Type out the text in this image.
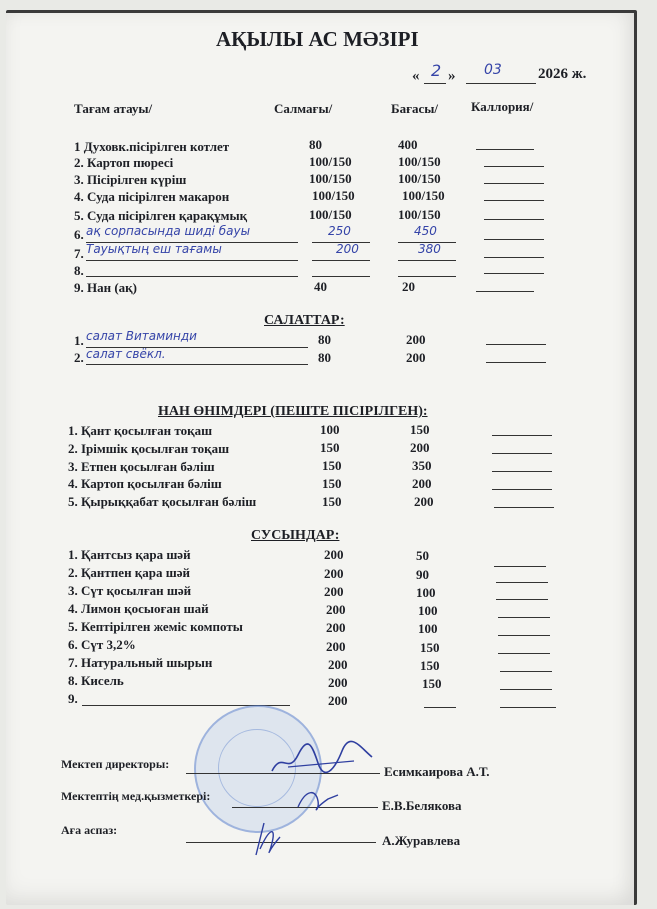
АҚЫЛЫ АС МӘЗІРІ
« 2 » 03 2026 ж.
Тағам атауы/	Салмағы/	Бағасы/	Каллория/
1 Духовк.пісірілген котлет	80	400
2. Картоп пюресі	100/150	100/150
3. Пісірілген күріш	100/150	100/150
4. Суда пісірілген макарон	100/150	100/150
5. Суда пісірілген қарақұмық	100/150	100/150
6. ақ сорпасында шиді бауы	250	450
7. Тауықтың еш тағамы	200	380
8.
9. Нан (ақ)	40	20
САЛАТТАР:
1. салат Витаминди	80	200
2. салат свёкл.	80	200
НАН ӨНІМДЕРІ (ПЕШТЕ ПІСІРІЛГЕН):
1. Қант қосылған тоқаш	100	150
2. Ірімшік қосылған тоқаш	150	200
3. Етпен қосылған бәліш	150	350
4. Картоп қосылған бәліш	150	200
5. Қырыққабат қосылған бәліш	150	200
СУСЫНДАР:
1. Қантсыз қара шәй	200	50
2. Қантпен қара шәй	200	90
3. Сүт қосылған шәй	200	100
4. Лимон қосыоған шай	200	100
5. Кептірілген жеміс компоты	200	100
6. Сүт 3,2%	200	150
7. Натуральный шырын	200	150
8. Кисель	200	150
9.	200
Мектеп директоры:	Есимкаирова А.Т.
Мектептің мед.қызметкері:
Е.В.Белякова
Аға аспаз:
А.Журавлева
